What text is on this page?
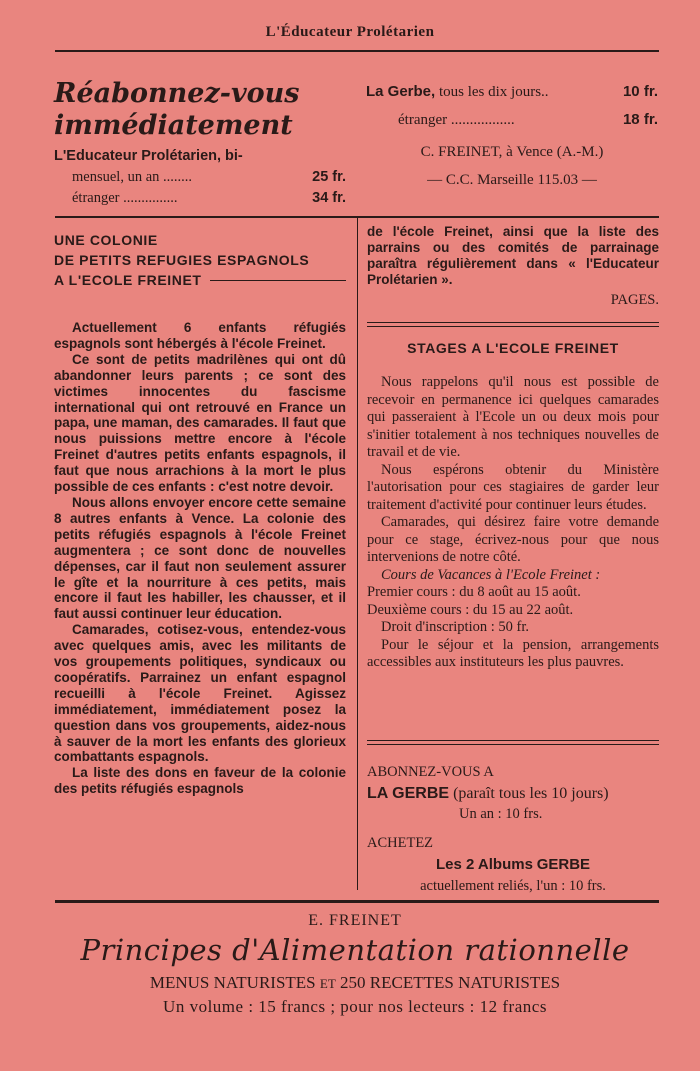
L'Éducateur Prolétarien
Réabonnez-vous
immédiatement
L'Educateur Prolétarien, bi-
mensuel, un an ........	25 fr.
étranger ...............	34 fr.
La Gerbe, tous les dix jours..	10 fr.
étranger .................	18 fr.
C. FREINET, à Vence (A.-M.)
— C.C. Marseille 115.03 —
UNE COLONIE
DE PETITS REFUGIES ESPAGNOLS
A L'ECOLE FREINET

Actuellement 6 enfants réfugiés espagnols sont hébergés à l'école Freinet.

Ce sont de petits madrilènes qui ont dû abandonner leurs parents ; ce sont des victimes innocentes du fascisme international qui ont retrouvé en France un papa, une maman, des camarades. Il faut que nous puissions mettre encore à l'école Freinet d'autres petits enfants espagnols, il faut que nous arrachions à la mort le plus possible de ces enfants : c'est notre devoir.

Nous allons envoyer encore cette semaine 8 autres enfants à Vence. La colonie des petits réfugiés espagnols à l'école Freinet augmentera ; ce sont donc de nouvelles dépenses, car il faut non seulement assurer le gîte et la nourriture à ces petits, mais encore il faut les habiller, les chausser, et il faut aussi continuer leur éducation.

Camarades, cotisez-vous, entendez-vous avec quelques amis, avec les militants de vos groupements politiques, syndicaux ou coopératifs. Parrainez un enfant espagnol recueilli à l'école Freinet. Agissez immédiatement, immédiatement posez la question dans vos groupements, aidez-nous à sauver de la mort les enfants des glorieux combattants espagnols.

La liste des dons en faveur de la colonie des petits réfugiés espagnols

de l'école Freinet, ainsi que la liste des parrains ou des comités de parrainage paraîtra régulièrement dans « l'Educateur Prolétarien ».
PAGES.
STAGES A L'ECOLE FREINET

Nous rappelons qu'il nous est possible de recevoir en permanence ici quelques camarades qui passeraient à l'Ecole un ou deux mois pour s'initier totalement à nos techniques nouvelles de travail et de vie.

Nous espérons obtenir du Ministère l'autorisation pour ces stagiaires de garder leur traitement d'activité pour continuer leurs études.

Camarades, qui désirez faire votre demande pour ce stage, écrivez-nous pour que nous intervenions de notre côté.

Cours de Vacances à l'Ecole Freinet :

Premier cours : du 8 août au 15 août.

Deuxième cours : du 15 au 22 août.

Droit d'inscription : 50 fr.

Pour le séjour et la pension, arrangements accessibles aux instituteurs les plus pauvres.

ABONNEZ-VOUS A
LA GERBE (paraît tous les 10 jours)
Un an : 10 frs.
ACHETEZ
Les 2 Albums GERBE
actuellement reliés, l'un : 10 frs.
E. FREINET
Principes d'Alimentation rationnelle
MENUS NATURISTES ET 250 RECETTES NATURISTES
Un volume : 15 francs ; pour nos lecteurs : 12 francs
